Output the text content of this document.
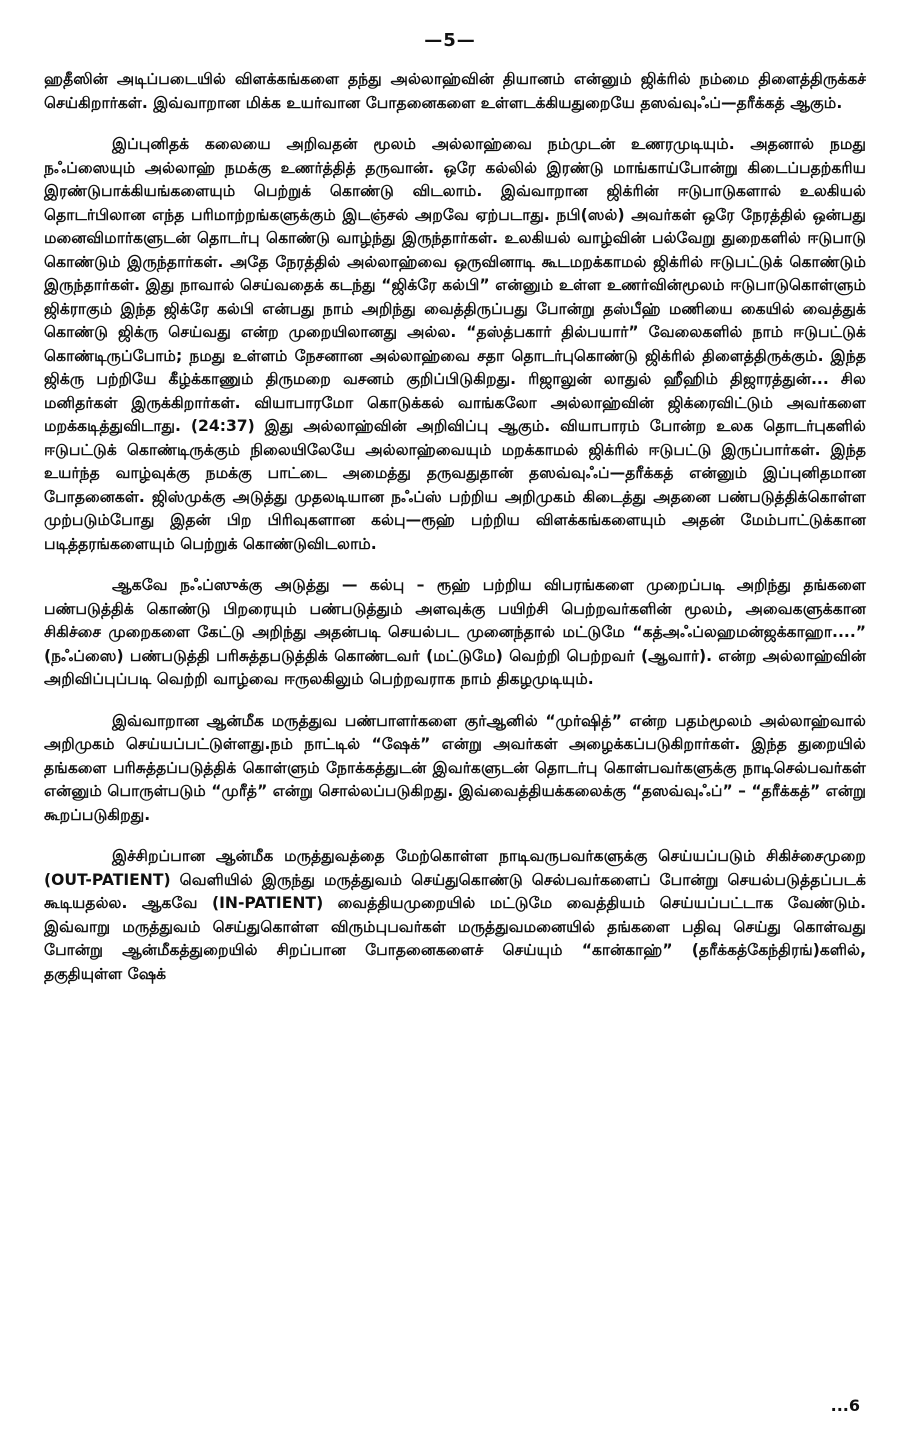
—5—

ஹதீஸின் அடிப்படையில் விளக்கங்களை தந்து அல்லாஹ்வின் தியானம் என்னும் ஜிக்ரில் நம்மை திளைத்திருக்கச் செய்கிறார்கள். இவ்வாறான மிக்க உயர்வான போதனைகளை உள்ளடக்கியதுறையே தஸவ்வுஃப்—தரீக்கத் ஆகும்.

இப்புனிதக் கலையை அறிவதன் மூலம் அல்லாஹ்வை நம்முடன் உணரமுடியும். அதனால் நமது நஃப்ஸையும் அல்லாஹ் நமக்கு உணர்த்தித் தருவான். ஒரே கல்லில் இரண்டு மாங்காய்போன்று கிடைப்பதற்கரிய இரண்டுபாக்கியங்களையும் பெற்றுக் கொண்டு விடலாம். இவ்வாறான ஜிக்ரின் ஈடுபாடுகளால் உலகியல் தொடர்பிலான எந்த பரிமாற்றங்களுக்கும் இடஞ்சல் அறவே ஏற்படாது. நபி(ஸல்) அவர்கள் ஒரே நேரத்தில் ஒன்பது மனைவிமார்களுடன் தொடர்பு கொண்டு வாழ்ந்து இருந்தார்கள். உலகியல் வாழ்வின் பல்வேறு துறைகளில் ஈடுபாடு கொண்டும் இருந்தார்கள். அதே நேரத்தில் அல்லாஹ்வை ஒருவினாடி கூடமறக்காமல் ஜிக்ரில் ஈடுபட்டுக் கொண்டும் இருந்தார்கள். இது நாவால் செய்வதைக் கடந்து “ஜிக்ரே கல்பி” என்னும் உள்ள உணர்வின்மூலம் ஈடுபாடுகொள்ளும் ஜிக்ராகும் இந்த ஜிக்ரே கல்பி என்பது நாம் அறிந்து வைத்திருப்பது போன்று தஸ்பீஹ் மணியை கையில் வைத்துக் கொண்டு ஜிக்ரு செய்வது என்ற முறையிலானது அல்ல. “தஸ்த்பகார் தில்பயார்” வேலைகளில் நாம் ஈடுபட்டுக் கொண்டிருப்போம்; நமது உள்ளம் நேசனான அல்லாஹ்வை சதா தொடர்புகொண்டு ஜிக்ரில் திளைத்திருக்கும். இந்த ஜிக்ரு பற்றியே கீழ்க்காணும் திருமறை வசனம் குறிப்பிடுகிறது. ரிஜாலுன் லாதுல் ஹீஹிம் திஜாரத்துன்... சில மனிதர்கள் இருக்கிறார்கள். வியாபாரமோ கொடுக்கல் வாங்கலோ அல்லாஹ்வின் ஜிக்ரைவிட்டும் அவர்களை மறக்கடித்துவிடாது. (24:37) இது அல்லாஹ்வின் அறிவிப்பு ஆகும். வியாபாரம் போன்ற உலக தொடர்புகளில் ஈடுபட்டுக் கொண்டிருக்கும் நிலையிலேயே அல்லாஹ்வையும் மறக்காமல் ஜிக்ரில் ஈடுபட்டு இருப்பார்கள். இந்த உயர்ந்த வாழ்வுக்கு நமக்கு பாட்டை அமைத்து தருவதுதான் தஸவ்வுஃப்—தரீக்கத் என்னும் இப்புனிதமான போதனைகள். ஜிஸ்முக்கு அடுத்து முதலடியான நஃப்ஸ் பற்றிய அறிமுகம் கிடைத்து அதனை பண்படுத்திக்கொள்ள முற்படும்போது இதன் பிற பிரிவுகளான கல்பு—ரூஹ் பற்றிய விளக்கங்களையும் அதன் மேம்பாட்டுக்கான படித்தரங்களையும் பெற்றுக் கொண்டுவிடலாம்.

ஆகவே நஃப்ஸுக்கு அடுத்து — கல்பு – ரூஹ் பற்றிய விபரங்களை முறைப்படி அறிந்து தங்களை பண்படுத்திக் கொண்டு பிறரையும் பண்படுத்தும் அளவுக்கு பயிற்சி பெற்றவர்களின் மூலம், அவைகளுக்கான சிகிச்சை முறைகளை கேட்டு அறிந்து அதன்படி செயல்பட முனைந்தால் மட்டுமே “கத்அஃப்லஹமன்ஜக்காஹா....” (நஃப்ஸை) பண்படுத்தி பரிசுத்தபடுத்திக் கொண்டவர் (மட்டுமே) வெற்றி பெற்றவர் (ஆவார்). என்ற அல்லாஹ்வின் அறிவிப்புப்படி வெற்றி வாழ்வை ஈருலகிலும் பெற்றவராக நாம் திகழமுடியும்.

இவ்வாறான ஆன்மீக மருத்துவ பண்பாளர்களை குர்ஆனில் “முர்ஷித்” என்ற பதம்மூலம் அல்லாஹ்வால் அறிமுகம் செய்யப்பட்டுள்ளது.நம் நாட்டில் “ஷேக்” என்று அவர்கள் அழைக்கப்படுகிறார்கள். இந்த துறையில் தங்களை பரிசுத்தப்படுத்திக் கொள்ளும் நோக்கத்துடன் இவர்களுடன் தொடர்பு கொள்பவர்களுக்கு நாடிசெல்பவர்கள் என்னும் பொருள்படும் “முரீத்” என்று சொல்லப்படுகிறது. இவ்வைத்தியக்கலைக்கு “தஸவ்வுஃப்” – “தரீக்கத்” என்று கூறப்படுகிறது.

இச்சிறப்பான ஆன்மீக மருத்துவத்தை மேற்கொள்ள நாடிவருபவர்களுக்கு செய்யப்படும் சிகிச்சைமுறை (OUT-PATIENT) வெளியில் இருந்து மருத்துவம் செய்துகொண்டு செல்பவர்களைப் போன்று செயல்படுத்தப்படக் கூடியதல்ல. ஆகவே (IN-PATIENT) வைத்தியமுறையில் மட்டுமே வைத்தியம் செய்யப்பட்டாக வேண்டும். இவ்வாறு மருத்துவம் செய்துகொள்ள விரும்புபவர்கள் மருத்துவமனையில் தங்களை பதிவு செய்து கொள்வது போன்று ஆன்மீகத்துறையில் சிறப்பான போதனைகளைச் செய்யும் “கான்காஹ்” (தரீக்கத்கேந்திரங்)களில், தகுதியுள்ள ஷேக்

...6
